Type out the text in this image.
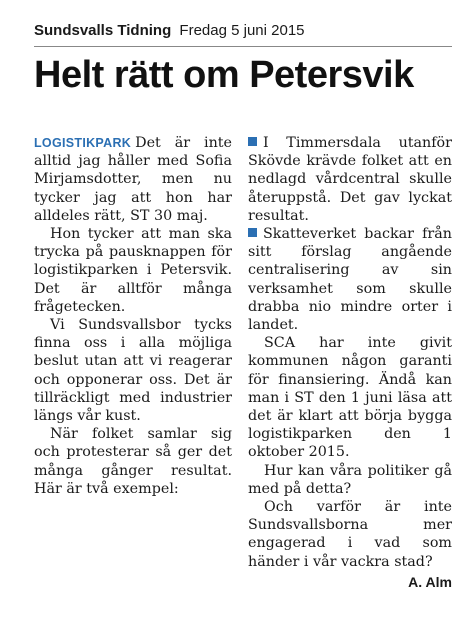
Sundsvalls Tidning Fredag 5 juni 2015
Helt rätt om Petersvik

LOGISTIKPARK Det är inte alltid jag håller med Sofia Mirjamsdotter, men nu tycker jag att hon har alldeles rätt, ST 30 maj.

Hon tycker att man ska trycka på pausknappen för logistikparken i Petersvik. Det är alltför många frågetecken.

Vi Sundsvallsbor tycks finna oss i alla möjliga beslut utan att vi reagerar och opponerar oss. Det är tillräckligt med industrier längs vår kust.

När folket samlar sig och protesterar så ger det många gånger resultat. Här är två exempel:

I Timmersdala utanför Skövde krävde folket att en nedlagd vårdcentral skulle återuppstå. Det gav lyckat resultat.

Skatteverket backar från sitt förslag angående centralisering av sin verksamhet som skulle drabba nio mindre orter i landet.

SCA har inte givit kommunen någon garanti för finansiering. Ändå kan man i ST den 1 juni läsa att det är klart att börja bygga logistikparken den 1 oktober 2015.

Hur kan våra politiker gå med på detta?

Och varför är inte Sundsvallsborna mer engagerad i vad som händer i vår vackra stad?

A. Alm
